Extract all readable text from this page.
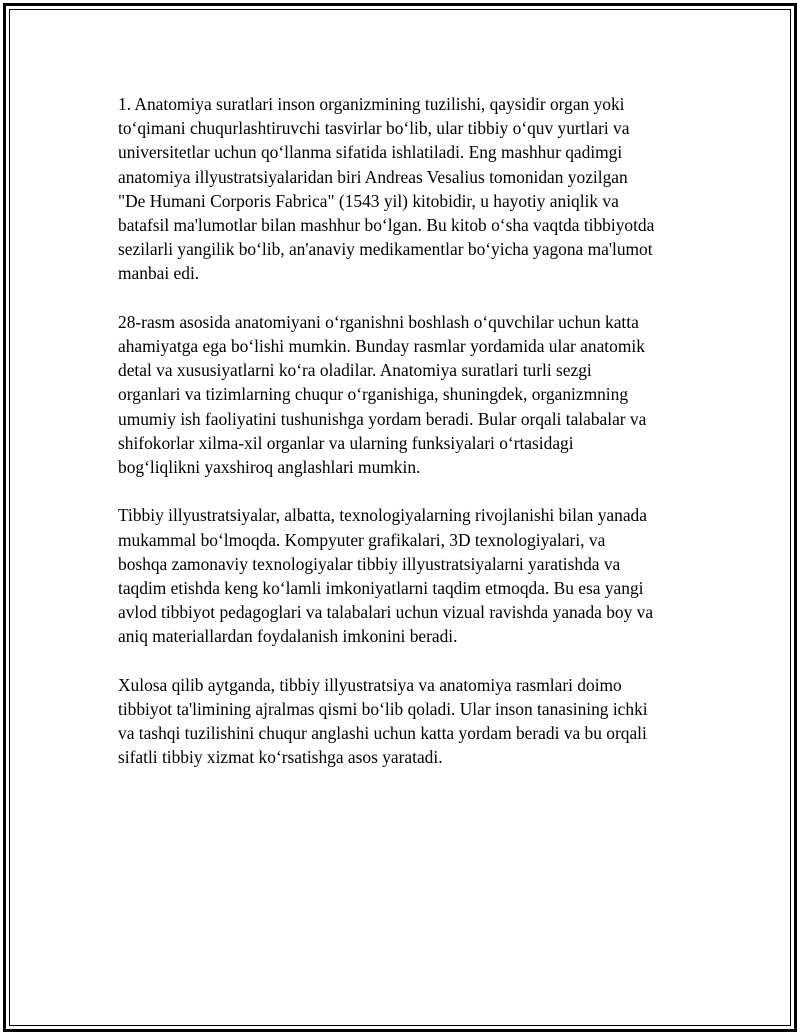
1. Anatomiya suratlari inson organizmining tuzilishi, qaysidir organ yoki
to‘qimani chuqurlashtiruvchi tasvirlar bo‘lib, ular tibbiy o‘quv yurtlari va
universitetlar uchun qo‘llanma sifatida ishlatiladi. Eng mashhur qadimgi
anatomiya illyustratsiyalaridan biri Andreas Vesalius tomonidan yozilgan
"De Humani Corporis Fabrica" (1543 yil) kitobidir, u hayotiy aniqlik va
batafsil ma'lumotlar bilan mashhur bo‘lgan. Bu kitob o‘sha vaqtda tibbiyotda
sezilarli yangilik bo‘lib, an'anaviy medikamentlar bo‘yicha yagona ma'lumot
manbai edi.

28-rasm asosida anatomiyani o‘rganishni boshlash o‘quvchilar uchun katta
ahamiyatga ega bo‘lishi mumkin. Bunday rasmlar yordamida ular anatomik
detal va xususiyatlarni ko‘ra oladilar. Anatomiya suratlari turli sezgi
organlari va tizimlarning chuqur o‘rganishiga, shuningdek, organizmning
umumiy ish faoliyatini tushunishga yordam beradi. Bular orqali talabalar va
shifokorlar xilma-xil organlar va ularning funksiyalari o‘rtasidagi
bog‘liqlikni yaxshiroq anglashlari mumkin.

Tibbiy illyustratsiyalar, albatta, texnologiyalarning rivojlanishi bilan yanada
mukammal bo‘lmoqda. Kompyuter grafikalari, 3D texnologiyalari, va
boshqa zamonaviy texnologiyalar tibbiy illyustratsiyalarni yaratishda va
taqdim etishda keng ko‘lamli imkoniyatlarni taqdim etmoqda. Bu esa yangi
avlod tibbiyot pedagoglari va talabalari uchun vizual ravishda yanada boy va
aniq materiallardan foydalanish imkonini beradi.

Xulosa qilib aytganda, tibbiy illyustratsiya va anatomiya rasmlari doimo
tibbiyot ta'limining ajralmas qismi bo‘lib qoladi. Ular inson tanasining ichki
va tashqi tuzilishini chuqur anglashi uchun katta yordam beradi va bu orqali
sifatli tibbiy xizmat ko‘rsatishga asos yaratadi.
